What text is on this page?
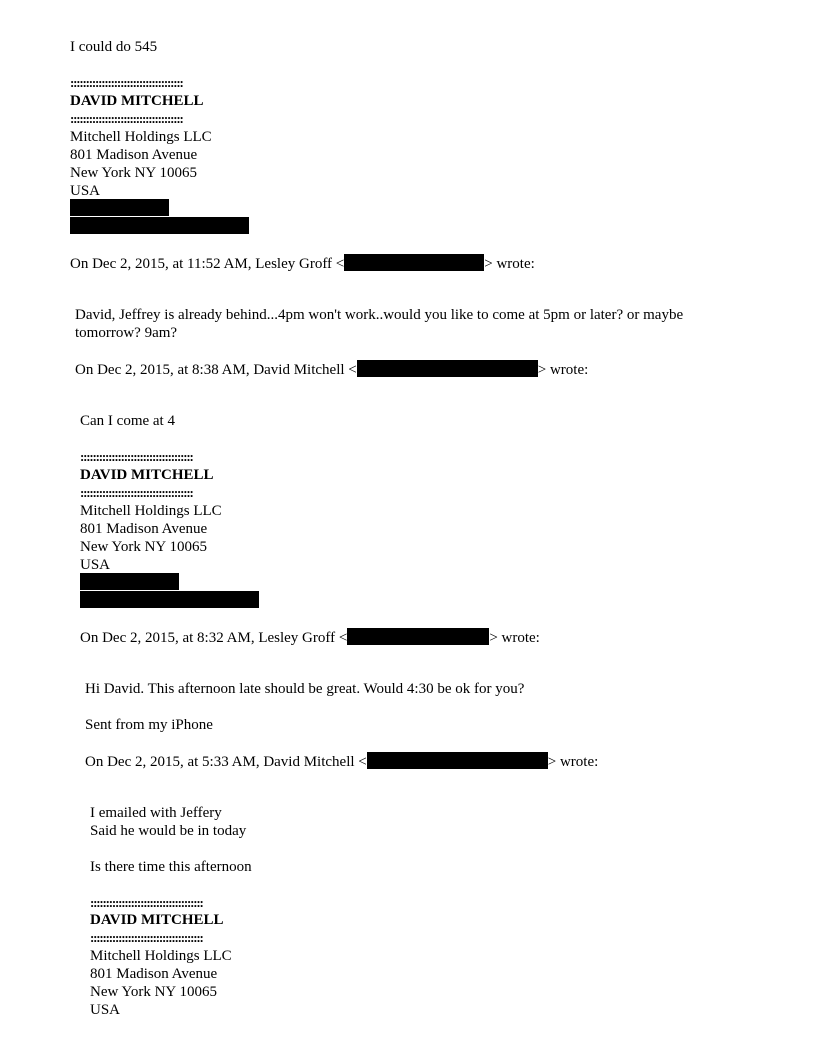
I could do 545
::::::::::::::::::::::::::::::::::::
DAVID MITCHELL
::::::::::::::::::::::::::::::::::::
Mitchell Holdings LLC
801 Madison Avenue
New York NY 10065
USA
On Dec 2, 2015, at 11:52 AM, Lesley Groff <	> wrote:
David, Jeffrey is already behind...4pm won't work..would you like to come at 5pm or later? or maybe
tomorrow? 9am?
On Dec 2, 2015, at 8:38 AM, David Mitchell <	> wrote:
Can I come at 4
::::::::::::::::::::::::::::::::::::
DAVID MITCHELL
::::::::::::::::::::::::::::::::::::
Mitchell Holdings LLC
801 Madison Avenue
New York NY 10065
USA
On Dec 2, 2015, at 8:32 AM, Lesley Groff <	> wrote:
Hi David. This afternoon late should be great. Would 4:30 be ok for you?
Sent from my iPhone
On Dec 2, 2015, at 5:33 AM, David Mitchell <	> wrote:
I emailed with Jeffery
Said he would be in today
Is there time this afternoon
::::::::::::::::::::::::::::::::::::
DAVID MITCHELL
::::::::::::::::::::::::::::::::::::
Mitchell Holdings LLC
801 Madison Avenue
New York NY 10065
USA
